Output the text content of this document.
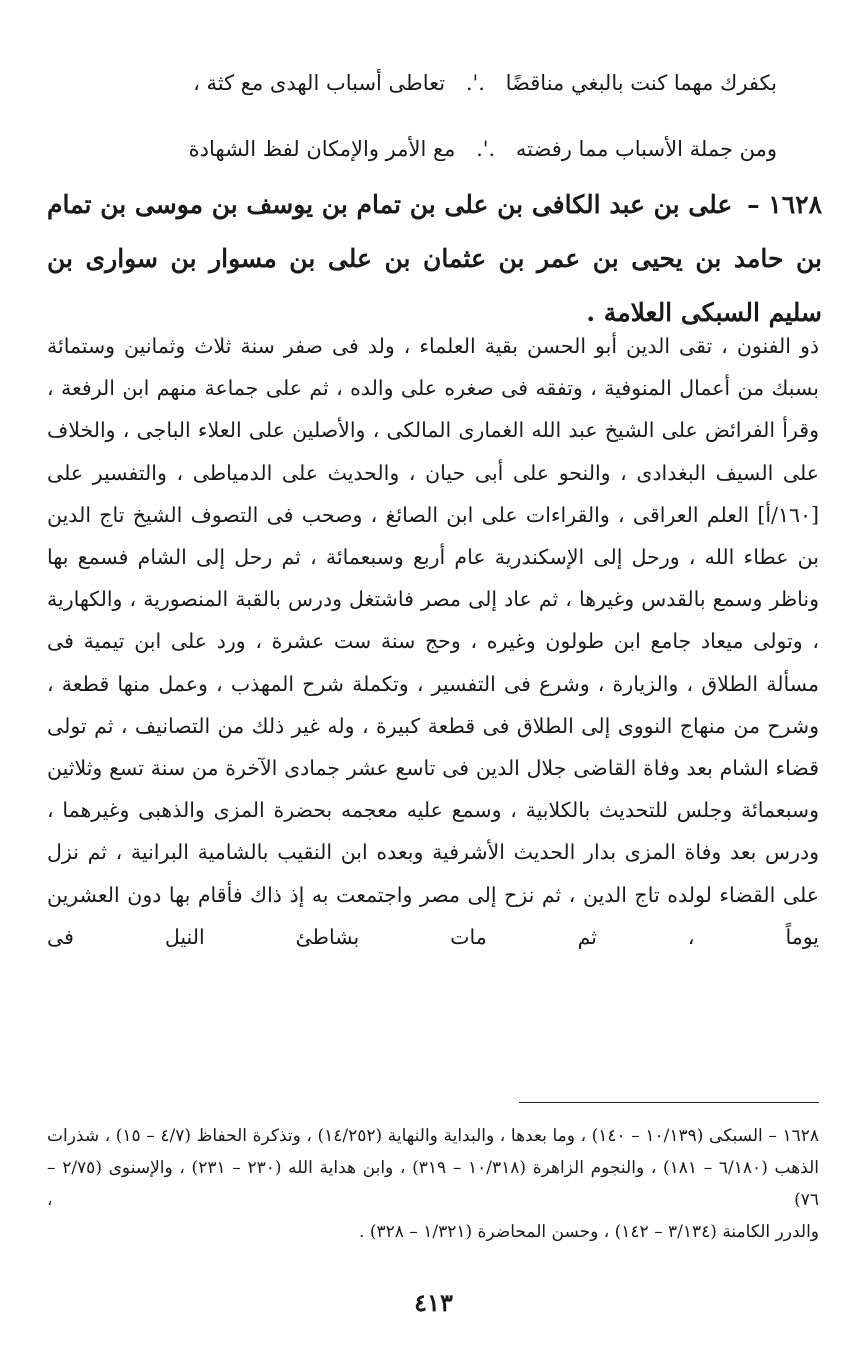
بكفرك مهما كنت بالبغي مناقضًا .'. تعاطى أسباب الهدى مع كثة ،
ومن جملة الأسباب مما رفضته .'. مع الأمر والإمكان لفظ الشهادة
١٦٢٨ – على بن عبد الكافى بن على بن تمام بن يوسف بن موسى بن تمام بن حامد بن يحيى بن عمر بن عثمان بن على بن مسوار بن سوارى بن سليم السبكى العلامة .
ذو الفنون ، تقى الدين أبو الحسن بقية العلماء ، ولد فى صفر سنة ثلاث وثمانين وستمائة بسبك من أعمال المنوفية ، وتفقه فى صغره على والده ، ثم على جماعة منهم ابن الرفعة ، وقرأ الفرائض على الشيخ عبد الله الغمارى المالكى ، والأصلين على العلاء الباجى ، والخلاف على السيف البغدادى ، والنحو على أبى حيان ، والحديث على الدمياطى ، والتفسير على [١٦٠/أ] العلم العراقى ، والقراءات على ابن الصائغ ، وصحب فى التصوف الشيخ تاج الدين بن عطاء الله ، ورحل إلى الإسكندرية عام أربع وسبعمائة ، ثم رحل إلى الشام فسمع بها وناظر وسمع بالقدس وغيرها ، ثم عاد إلى مصر فاشتغل ودرس بالقبة المنصورية ، والكهارية ، وتولى ميعاد جامع ابن طولون وغيره ، وحج سنة ست عشرة ، ورد على ابن تيمية فى مسألة الطلاق ، والزيارة ، وشرع فى التفسير ، وتكملة شرح المهذب ، وعمل منها قطعة ، وشرح من منهاج النووى إلى الطلاق فى قطعة كبيرة ، وله غير ذلك من التصانيف ، ثم تولى قضاء الشام بعد وفاة القاضى جلال الدين فى تاسع عشر جمادى الآخرة من سنة تسع وثلاثين وسبعمائة وجلس للتحديث بالكلابية ، وسمع عليه معجمه بحضرة المزى والذهبى وغيرهما ، ودرس بعد وفاة المزى بدار الحديث الأشرفية وبعده ابن النقيب بالشامية البرانية ، ثم نزل على القضاء لولده تاج الدين ، ثم نزح إلى مصر واجتمعت به إذ ذاك فأقام بها دون العشرين يوماً ، ثم مات بشاطئ النيل فى
١٦٢٨ – السبكى (١٠/١٣٩ – ١٤٠) ، وما بعدها ، والبداية والنهاية (١٤/٢٥٢) ، وتذكرة الحفاظ (٤/٧ – ١٥) ، شذرات الذهب (٦/١٨٠ – ١٨١) ، والنجوم الزاهرة (١٠/٣١٨ – ٣١٩) ، وابن هداية الله (٢٣٠ – ٢٣١) ، والإسنوى (٢/٧٥ – ٧٦) ،
والدرر الكامنة (٣/١٣٤ – ١٤٢) ، وحسن المحاضرة (١/٣٢١ – ٣٢٨) .
٤١٣
